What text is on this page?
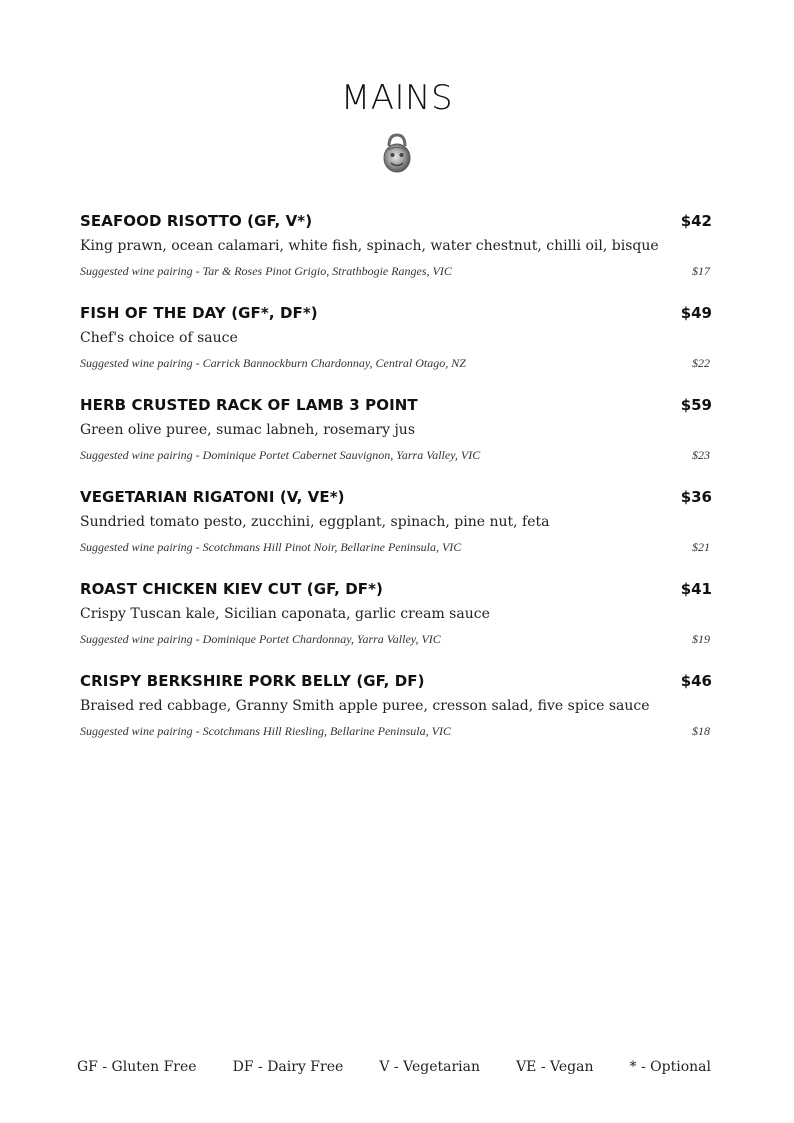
MAINS
SEAFOOD RISOTTO (GF, V*)	$42
King prawn, ocean calamari, white fish, spinach, water chestnut, chilli oil, bisque
Suggested wine pairing - Tar & Roses Pinot Grigio, Strathbogie Ranges, VIC	$17
FISH OF THE DAY (GF*, DF*)	$49
Chef's choice of sauce
Suggested wine pairing - Carrick Bannockburn Chardonnay, Central Otago, NZ	$22
HERB CRUSTED RACK OF LAMB 3 POINT	$59
Green olive puree, sumac labneh, rosemary jus
Suggested wine pairing - Dominique Portet Cabernet Sauvignon, Yarra Valley, VIC	$23
VEGETARIAN RIGATONI (V, VE*)	$36
Sundried tomato pesto, zucchini, eggplant, spinach, pine nut, feta
Suggested wine pairing - Scotchmans Hill Pinot Noir, Bellarine Peninsula, VIC	$21
ROAST CHICKEN KIEV CUT (GF, DF*)	$41
Crispy Tuscan kale, Sicilian caponata, garlic cream sauce
Suggested wine pairing - Dominique Portet Chardonnay, Yarra Valley, VIC	$19
CRISPY BERKSHIRE PORK BELLY (GF, DF)	$46
Braised red cabbage, Granny Smith apple puree, cresson salad, five spice sauce
Suggested wine pairing - Scotchmans Hill Riesling, Bellarine Peninsula, VIC	$18
GF - Gluten Free	DF - Dairy Free	V - Vegetarian	VE - Vegan	* - Optional
